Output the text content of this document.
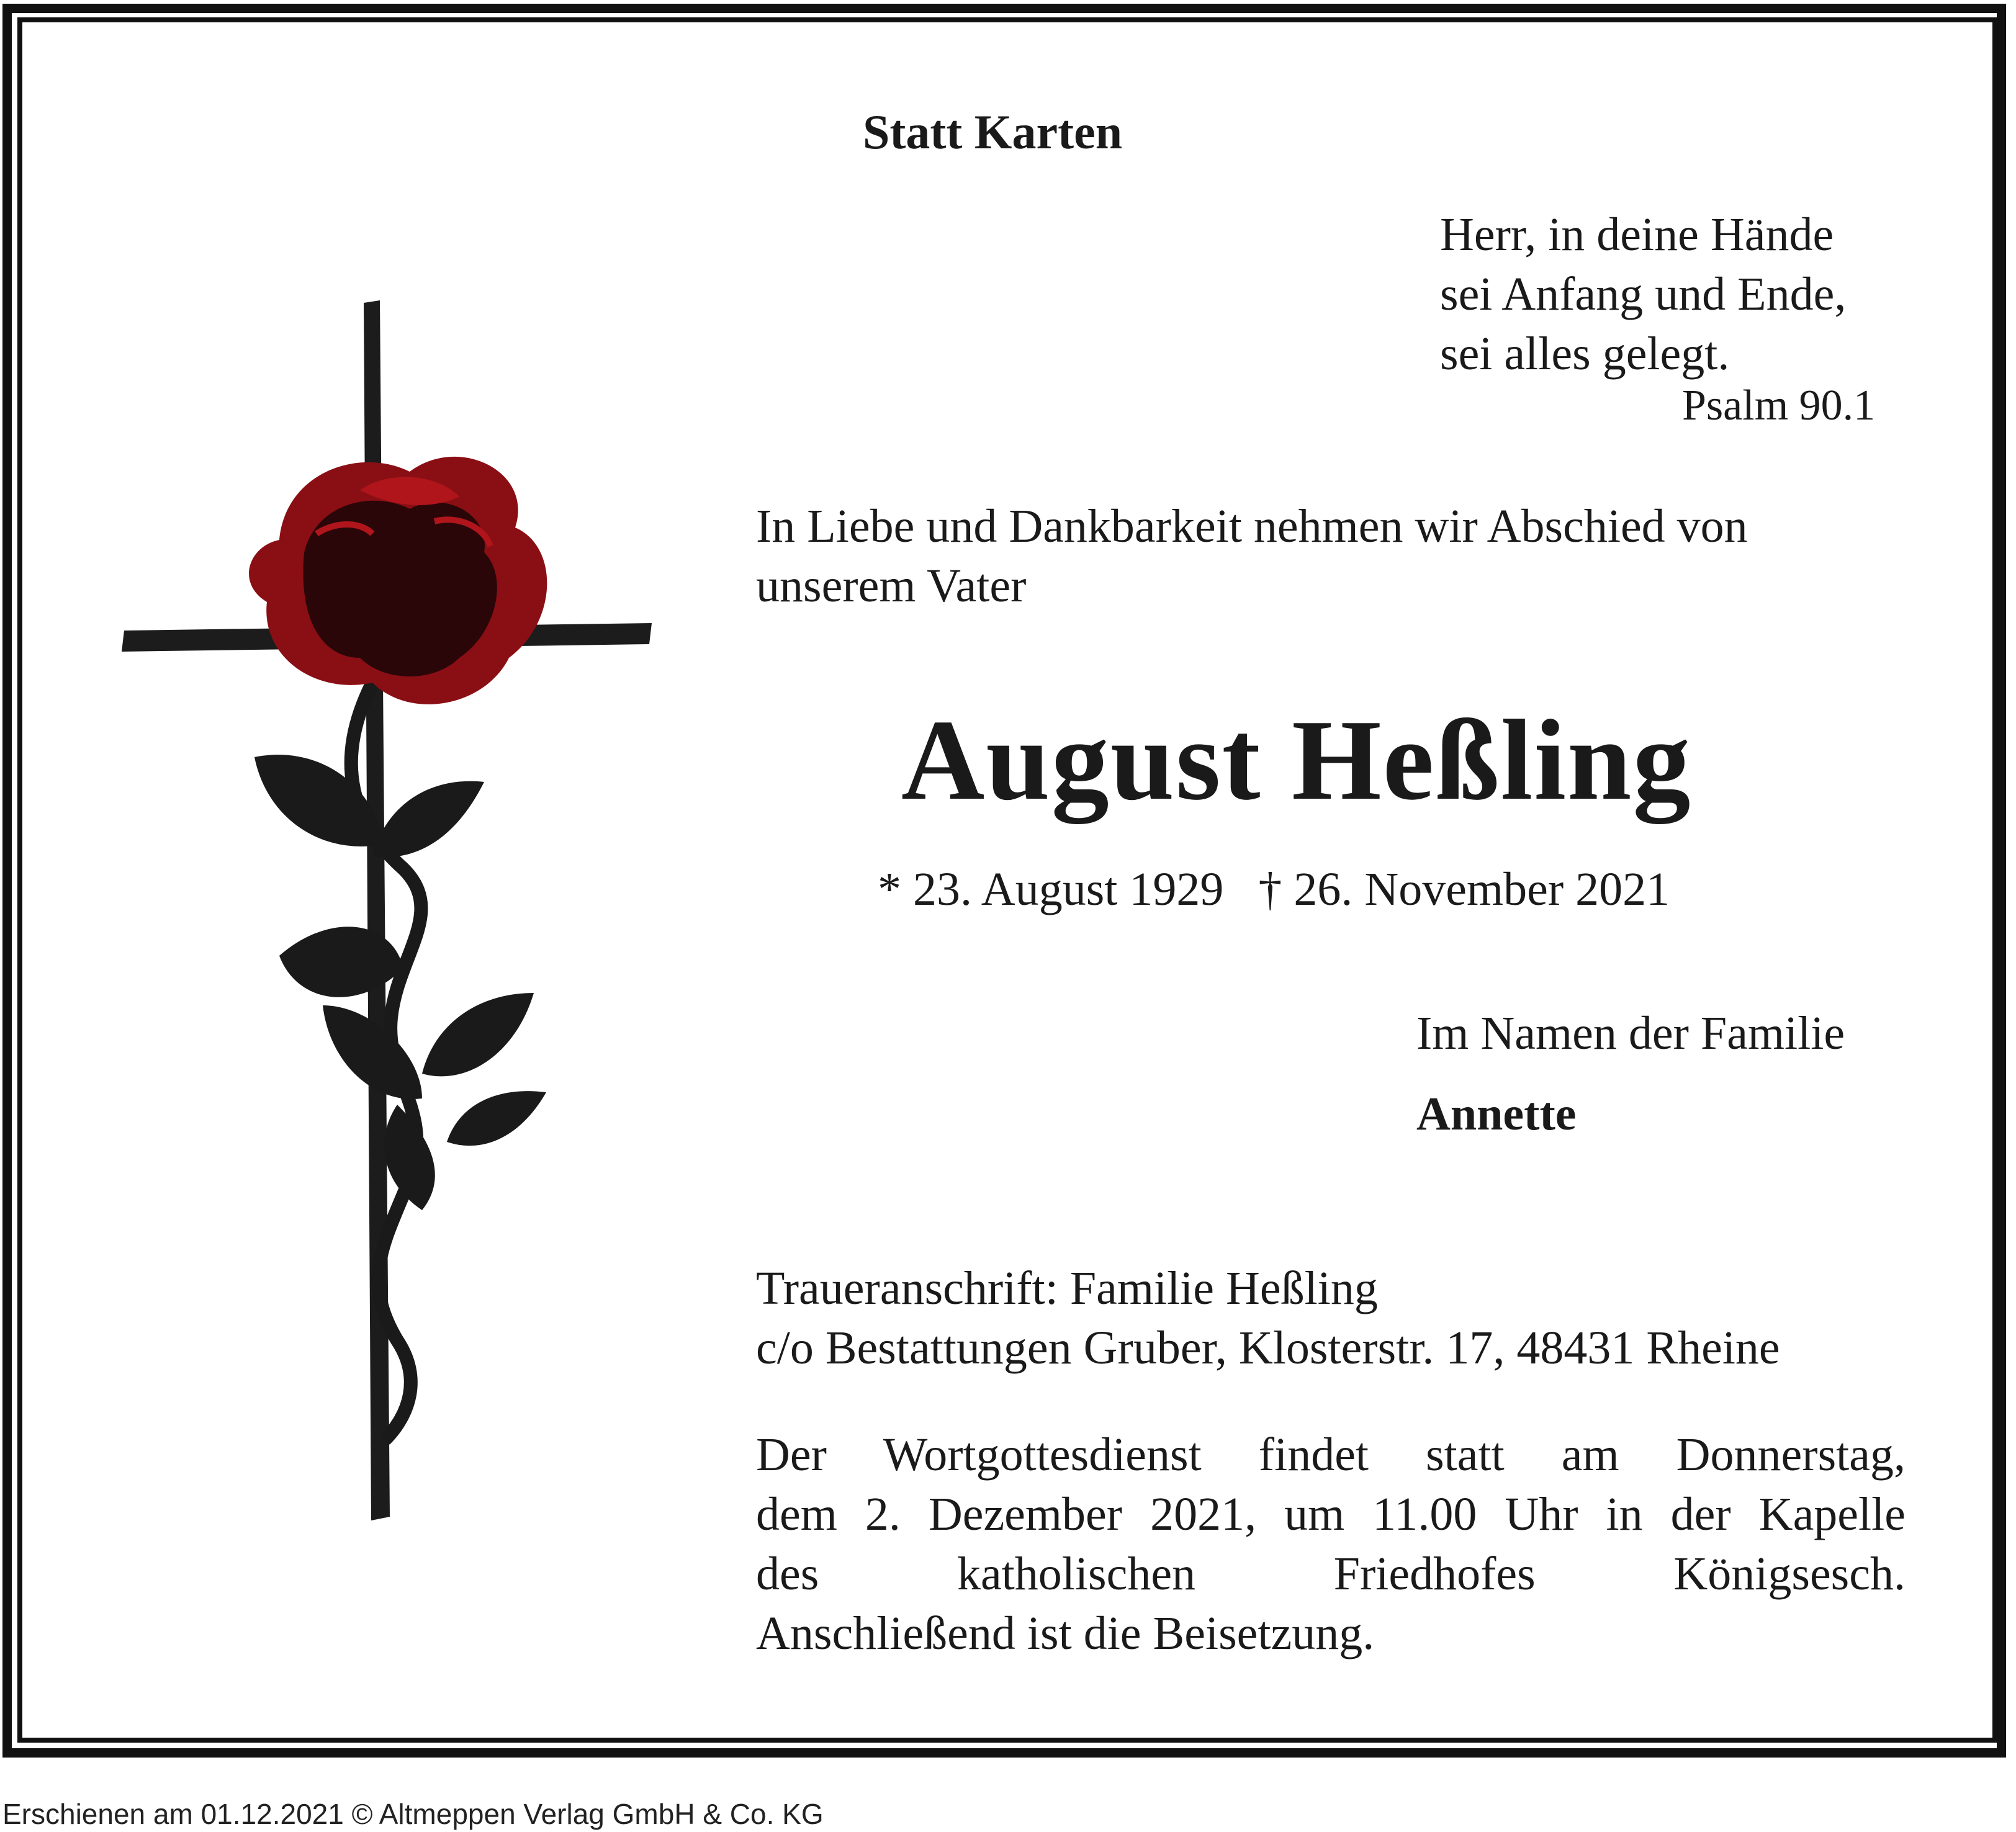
Statt Karten

Herr, in deine Hände
sei Anfang und Ende,
sei alles gelegt.

Psalm 90.1

In Liebe und Dankbarkeit nehmen wir Abschied von
unserem Vater

August Heßling

* 23. August 1929 † 26. November 2021

Im Namen der Familie

Annette

Traueranschrift: Familie Heßling
c/o Bestattungen Gruber, Klosterstr. 17, 48431 Rheine
Der Wortgottesdienst findet statt am Donnerstag,
dem 2. Dezember 2021, um 11.00 Uhr in der Kapelle
des katholischen Friedhofes Königsesch.
Anschließend ist die Beisetzung.
Erschienen am 01.12.2021 © Altmeppen Verlag GmbH & Co. KG
